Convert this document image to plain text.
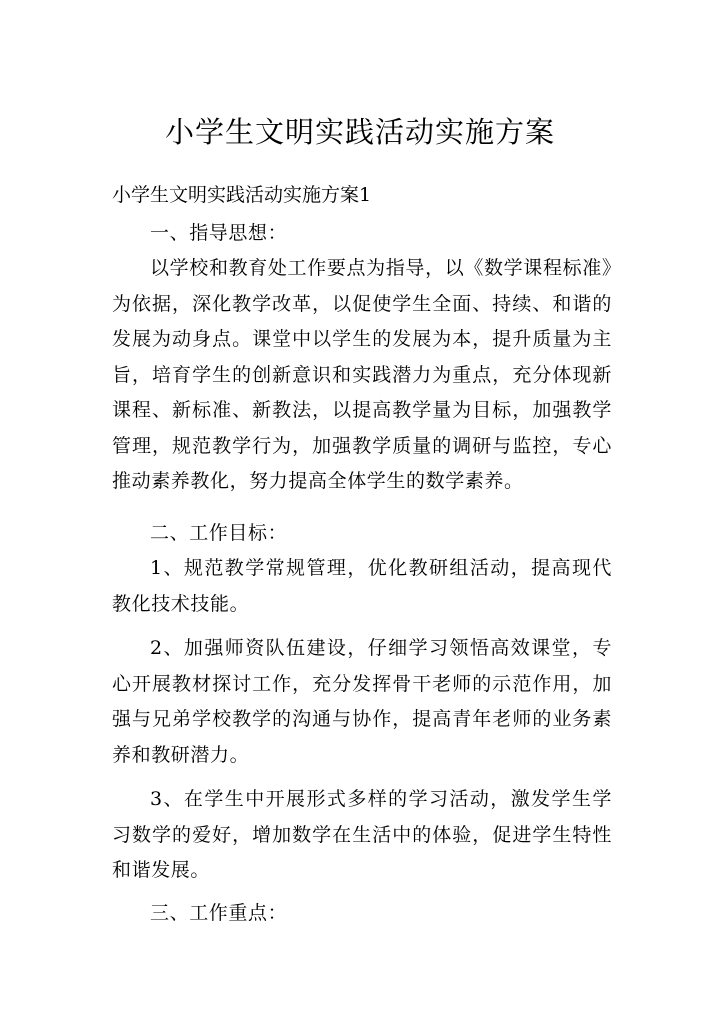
小学生文明实践活动实施方案

小学生文明实践活动实施方案1

一、指导思想：

以学校和教育处工作要点为指导，以《数学课程标准》为依据，深化教学改革，以促使学生全面、持续、和谐的发展为动身点。课堂中以学生的发展为本，提升质量为主旨，培育学生的创新意识和实践潜力为重点，充分体现新课程、新标准、新教法，以提高教学量为目标，加强教学管理，规范教学行为，加强教学质量的调研与监控，专心推动素养教化，努力提高全体学生的数学素养。

二、工作目标：

1、规范教学常规管理，优化教研组活动，提高现代教化技术技能。

2、加强师资队伍建设，仔细学习领悟高效课堂，专心开展教材探讨工作，充分发挥骨干老师的示范作用，加强与兄弟学校教学的沟通与协作，提高青年老师的业务素养和教研潜力。

3、在学生中开展形式多样的学习活动，激发学生学习数学的爱好，增加数学在生活中的体验，促进学生特性和谐发展。

三、工作重点：
